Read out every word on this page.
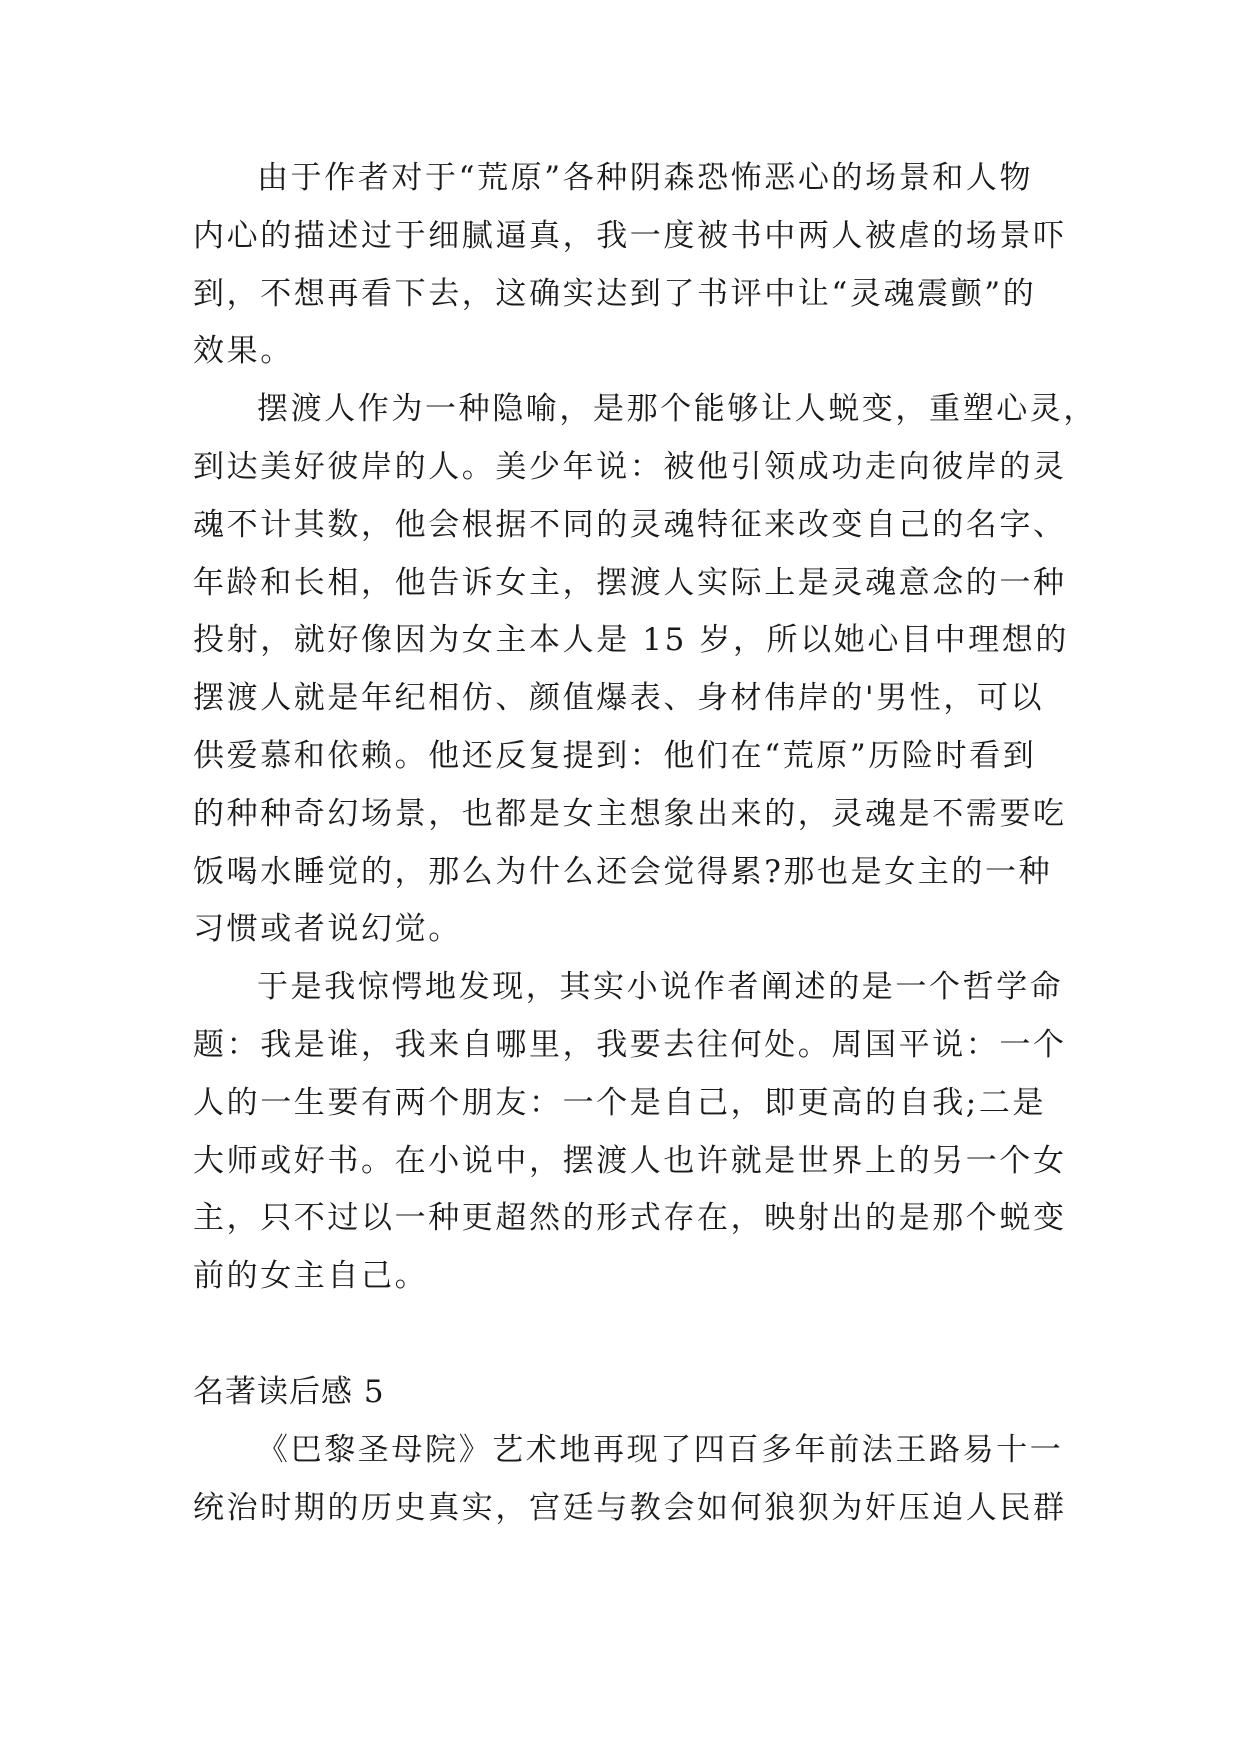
由于作者对于“荒原”各种阴森恐怖恶心的场景和人物
内心的描述过于细腻逼真，我一度被书中两人被虐的场景吓
到，不想再看下去，这确实达到了书评中让“灵魂震颤”的
效果。
摆渡人作为一种隐喻，是那个能够让人蜕变，重塑心灵，
到达美好彼岸的人。美少年说：被他引领成功走向彼岸的灵
魂不计其数，他会根据不同的灵魂特征来改变自己的名字、
年龄和长相，他告诉女主，摆渡人实际上是灵魂意念的一种
投射，就好像因为女主本人是 15 岁，所以她心目中理想的
摆渡人就是年纪相仿、颜值爆表、身材伟岸的'男性，可以
供爱慕和依赖。他还反复提到：他们在“荒原”历险时看到
的种种奇幻场景，也都是女主想象出来的，灵魂是不需要吃
饭喝水睡觉的，那么为什么还会觉得累?那也是女主的一种
习惯或者说幻觉。
于是我惊愕地发现，其实小说作者阐述的是一个哲学命
题：我是谁，我来自哪里，我要去往何处。周国平说：一个
人的一生要有两个朋友：一个是自己，即更高的自我;二是
大师或好书。在小说中，摆渡人也许就是世界上的另一个女
主，只不过以一种更超然的形式存在，映射出的是那个蜕变
前的女主自己。
名著读后感 5
《巴黎圣母院》艺术地再现了四百多年前法王路易十一
统治时期的历史真实，宫廷与教会如何狼狈为奸压迫人民群
